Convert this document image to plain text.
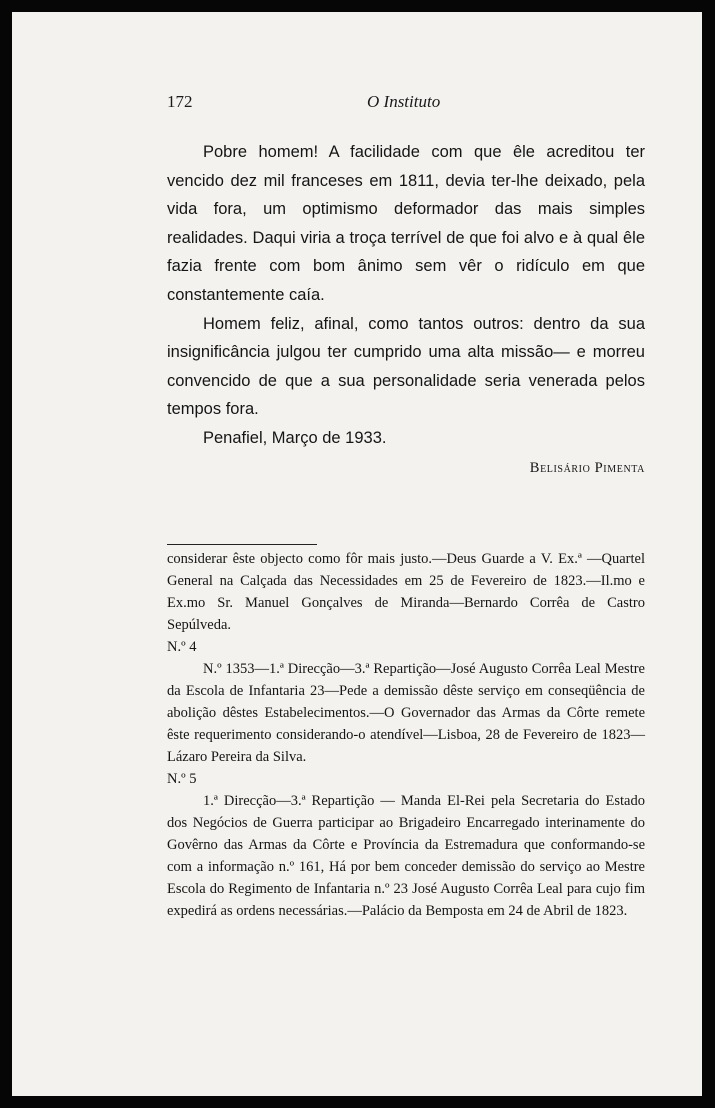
172	O Instituto

Pobre homem! A facilidade com que êle acreditou ter vencido dez mil franceses em 1811, devia ter-lhe deixado, pela vida fora, um optimismo deformador das mais simples realidades. Daqui viria a troça terrível de que foi alvo e à qual êle fazia frente com bom ânimo sem vêr o ridículo em que constantemente caía.

Homem feliz, afinal, como tantos outros: dentro da sua insignificância julgou ter cumprido uma alta missão— e morreu convencido de que a sua personalidade seria venerada pelos tempos fora.

Penafiel, Março de 1933.

Belisário Pimenta

considerar êste objecto como fôr mais justo.—Deus Guarde a V. Ex.ª —Quartel General na Calçada das Necessidades em 25 de Fevereiro de 1823.—Il.mo e Ex.mo Sr. Manuel Gonçalves de Miranda—Bernardo Corrêa de Castro Sepúlveda.

N.º 4

N.º 1353—1.ª Direcção—3.ª Repartição—José Augusto Corrêa Leal Mestre da Escola de Infantaria 23—Pede a demissão dêste serviço em conseqüência de abolição dêstes Estabelecimentos.—O Governador das Armas da Côrte remete êste requerimento considerando-o atendível—Lisboa, 28 de Fevereiro de 1823—Lázaro Pereira da Silva.

N.º 5

1.ª Direcção—3.ª Repartição — Manda El-Rei pela Secretaria do Estado dos Negócios de Guerra participar ao Brigadeiro Encarregado interinamente do Govêrno das Armas da Côrte e Província da Estremadura que conformando-se com a informação n.º 161, Há por bem conceder demissão do serviço ao Mestre Escola do Regimento de Infantaria n.º 23 José Augusto Corrêa Leal para cujo fim expedirá as ordens necessárias.—Palácio da Bemposta em 24 de Abril de 1823.
